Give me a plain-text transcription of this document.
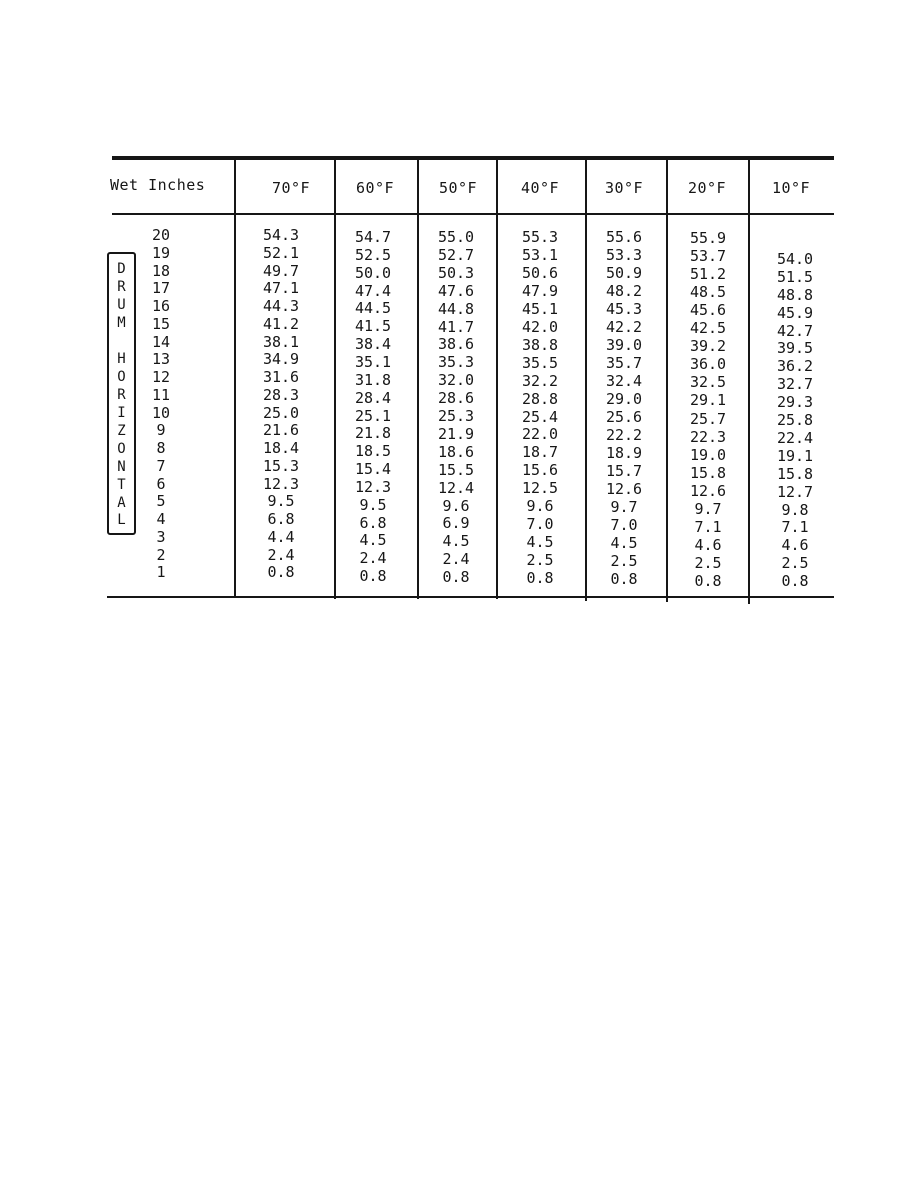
Wet Inches	70°F	60°F	50°F	40°F	30°F	20°F	10°F
D
R
U
M
H
O
R
I
Z
O
N
T
A
L
20	54.3	54.7	55.0	55.3	55.6	55.9
19	52.1	52.5	52.7	53.1	53.3	53.7	54.0
18	49.7	50.0	50.3	50.6	50.9	51.2	51.5
17	47.1	47.4	47.6	47.9	48.2	48.5	48.8
16	44.3	44.5	44.8	45.1	45.3	45.6	45.9
15	41.2	41.5	41.7	42.0	42.2	42.5	42.7
14	38.1	38.4	38.6	38.8	39.0	39.2	39.5
13	34.9	35.1	35.3	35.5	35.7	36.0	36.2
12	31.6	31.8	32.0	32.2	32.4	32.5	32.7
11	28.3	28.4	28.6	28.8	29.0	29.1	29.3
10	25.0	25.1	25.3	25.4	25.6	25.7	25.8
9	21.6	21.8	21.9	22.0	22.2	22.3	22.4
8	18.4	18.5	18.6	18.7	18.9	19.0	19.1
7	15.3	15.4	15.5	15.6	15.7	15.8	15.8
6	12.3	12.3	12.4	12.5	12.6	12.6	12.7
5	9.5	9.5	9.6	9.6	9.7	9.7	9.8
4	6.8	6.8	6.9	7.0	7.0	7.1	7.1
3	4.4	4.5	4.5	4.5	4.5	4.6	4.6
2	2.4	2.4	2.4	2.5	2.5	2.5	2.5
1	0.8	0.8	0.8	0.8	0.8	0.8	0.8
